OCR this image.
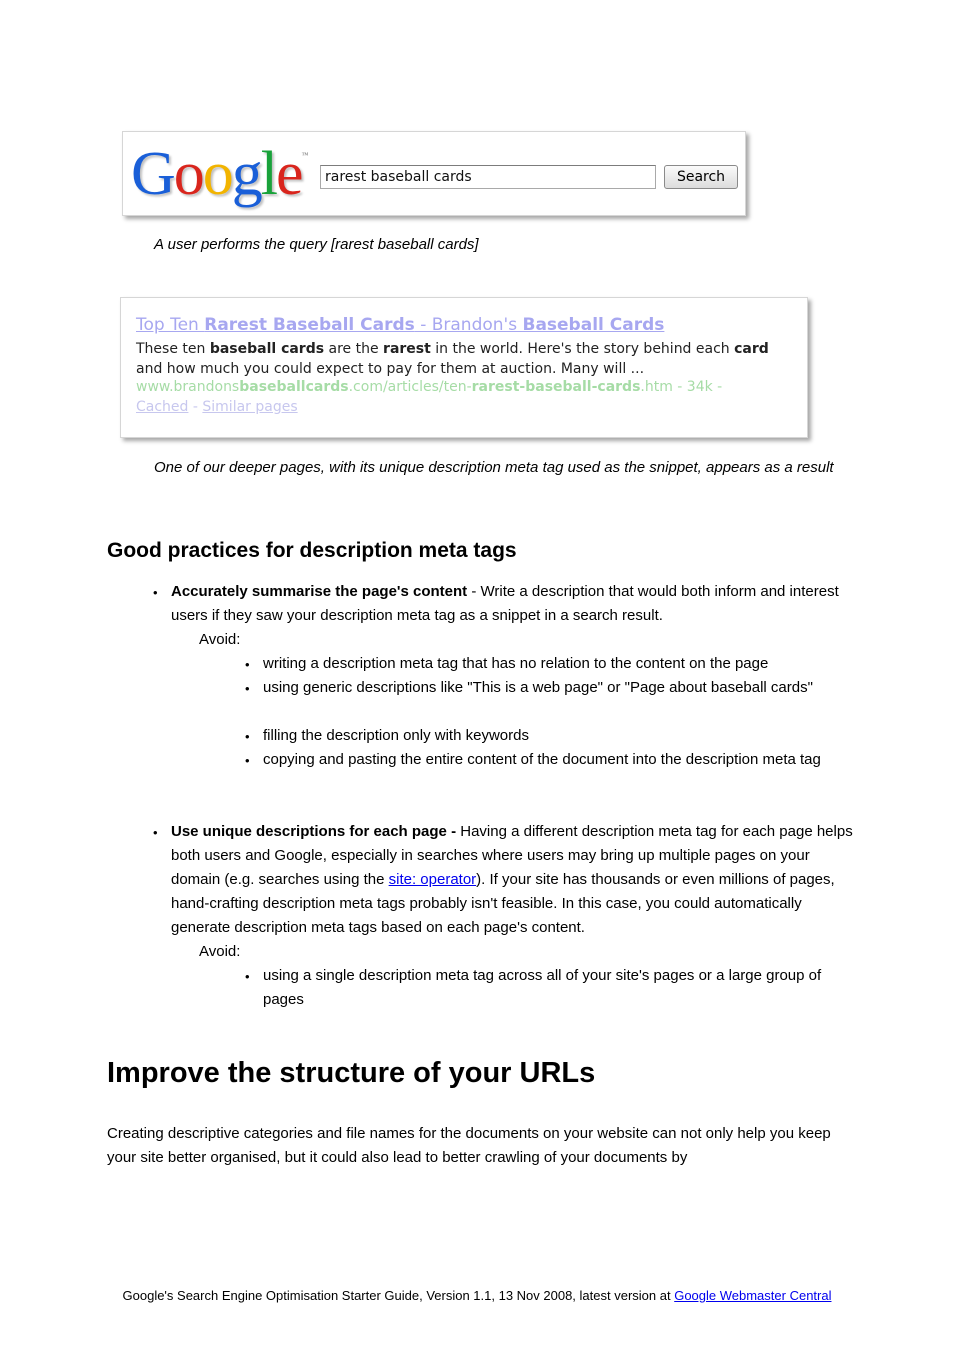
Google™
rarest baseball cards
Search
A user performs the query [rarest baseball cards]
Top Ten Rarest Baseball Cards - Brandon's Baseball Cards
These ten baseball cards are the rarest in the world. Here's the story behind each card and how much you could expect to pay for them at auction. Many will ...
www.brandonsbaseballcards.com/articles/ten-rarest-baseball-cards.htm - 34k -
Cached - Similar pages
One of our deeper pages, with its unique description meta tag used as the snippet, appears as a result
Good practices for description meta tags
• Accurately summarise the page's content - Write a description that would both inform and interest users if they saw your description meta tag as a snippet in a search result.
Avoid:
• writing a description meta tag that has no relation to the content on the page
• using generic descriptions like "This is a web page" or "Page about baseball cards"
• filling the description only with keywords
• copying and pasting the entire content of the document into the description meta tag
• Use unique descriptions for each page - Having a different description meta tag for each page helps both users and Google, especially in searches where users may bring up multiple pages on your domain (e.g. searches using the site: operator). If your site has thousands or even millions of pages, hand-crafting description meta tags probably isn't feasible. In this case, you could automatically generate description meta tags based on each page's content.
Avoid:
• using a single description meta tag across all of your site's pages or a large group of pages
Improve the structure of your URLs
Creating descriptive categories and file names for the documents on your website can not only help you keep your site better organised, but it could also lead to better crawling of your documents by
Google's Search Engine Optimisation Starter Guide, Version 1.1, 13 Nov 2008, latest version at Google Webmaster Central
